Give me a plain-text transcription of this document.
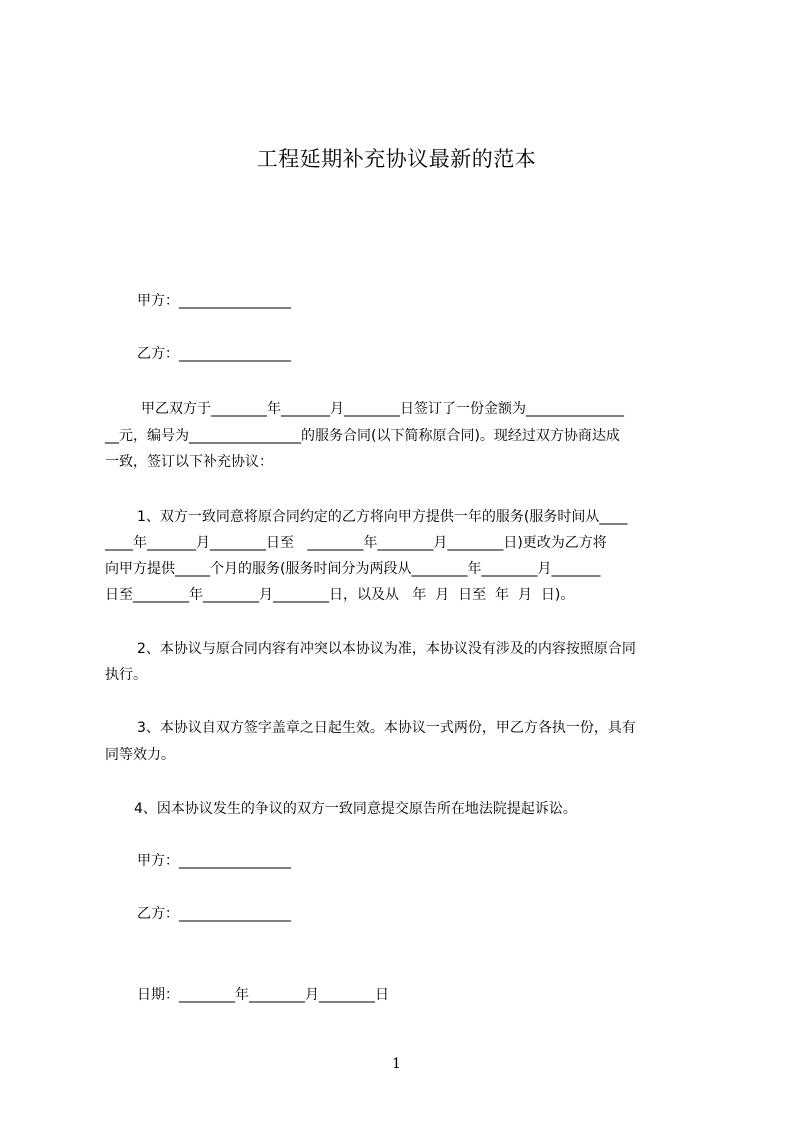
工程延期补充协议最新的范本
甲方：________________
乙方：________________
甲乙双方于________年_______月________日签订了一份金额为______________
__元，编号为________________的服务合同(以下简称原合同)。现经过双方协商达成
一致，签订以下补充协议：
1、双方一致同意将原合同约定的乙方将向甲方提供一年的服务(服务时间从____
____年_______月________日至   ________年________月________日)更改为乙方将
向甲方提供_____个月的服务(服务时间分为两段从________年________月_______
日至________年________月________日，以及从   年  月  日至  年  月  日)。
2、本协议与原合同内容有冲突以本协议为准，本协议没有涉及的内容按照原合同
执行。
3、本协议自双方签字盖章之日起生效。本协议一式两份，甲乙方各执一份，具有
同等效力。
4、因本协议发生的争议的双方一致同意提交原告所在地法院提起诉讼。
甲方：________________
乙方：________________
日期：________年________月________日
1
